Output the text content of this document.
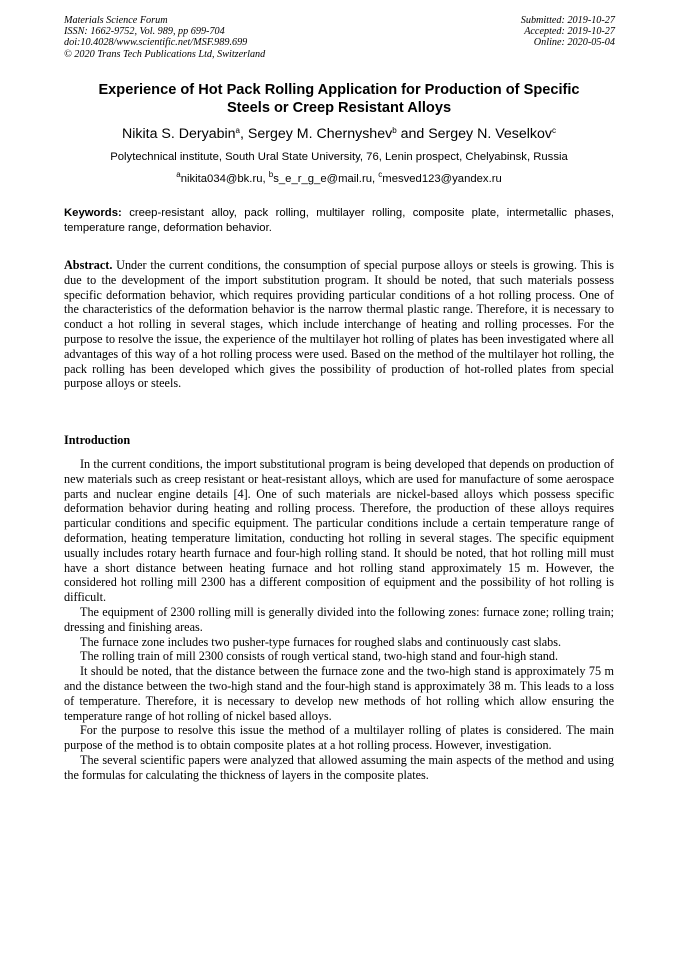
Materials Science Forum
ISSN: 1662-9752, Vol. 989, pp 699-704
doi:10.4028/www.scientific.net/MSF.989.699
© 2020 Trans Tech Publications Ltd, Switzerland
Submitted: 2019-10-27
Accepted: 2019-10-27
Online: 2020-05-04
Experience of Hot Pack Rolling Application for Production of Specific
Steels or Creep Resistant Alloys
Nikita S. Deryabin$^a$, Sergey M. Chernyshev$^b$ and Sergey N. Veselkov$^c$
Polytechnical institute, South Ural State University, 76, Lenin prospect, Chelyabinsk, Russia
$^a$nikita034@bk.ru, $^b$s_e_r_g_e@mail.ru, $^c$mesved123@yandex.ru
Keywords: creep-resistant alloy, pack rolling, multilayer rolling, composite plate, intermetallic phases, temperature range, deformation behavior.
Abstract. Under the current conditions, the consumption of special purpose alloys or steels is growing. This is due to the development of the import substitution program. It should be noted, that such materials possess specific deformation behavior, which requires providing particular conditions of a hot rolling process. One of the characteristics of the deformation behavior is the narrow thermal plastic range. Therefore, it is necessary to conduct a hot rolling in several stages, which include interchange of heating and rolling processes. For the purpose to resolve the issue, the experience of the multilayer hot rolling of plates has been investigated where all advantages of this way of a hot rolling process were used. Based on the method of the multilayer hot rolling, the pack rolling has been developed which gives the possibility of production of hot-rolled plates from special purpose alloys or steels.
Introduction

In the current conditions, the import substitutional program is being developed that depends on production of new materials such as creep resistant or heat-resistant alloys, which are used for manufacture of some aerospace parts and nuclear engine details [4]. One of such materials are nickel-based alloys which possess specific deformation behavior during heating and rolling process. Therefore, the production of these alloys requires particular conditions and specific equipment. The particular conditions include a certain temperature range of deformation, heating temperature limitation, conducting hot rolling in several stages. The specific equipment usually includes rotary hearth furnace and four-high rolling stand. It should be noted, that hot rolling mill must have a short distance between heating furnace and hot rolling stand approximately 15 m. However, the considered hot rolling mill 2300 has a different composition of equipment and the possibility of hot rolling is difficult.

The equipment of 2300 rolling mill is generally divided into the following zones: furnace zone; rolling train; dressing and finishing areas.

The furnace zone includes two pusher-type furnaces for roughed slabs and continuously cast slabs.

The rolling train of mill 2300 consists of rough vertical stand, two-high stand and four-high stand.

It should be noted, that the distance between the furnace zone and the two-high stand is approximately 75 m and the distance between the two-high stand and the four-high stand is approximately 38 m. This leads to a loss of temperature. Therefore, it is necessary to develop new methods of hot rolling which allow ensuring the temperature range of hot rolling of nickel based alloys.

For the purpose to resolve this issue the method of a multilayer rolling of plates is considered. The main purpose of the method is to obtain composite plates at a hot rolling process. However, investigation.

The several scientific papers were analyzed that allowed assuming the main aspects of the method and using the formulas for calculating the thickness of layers in the composite plates.
